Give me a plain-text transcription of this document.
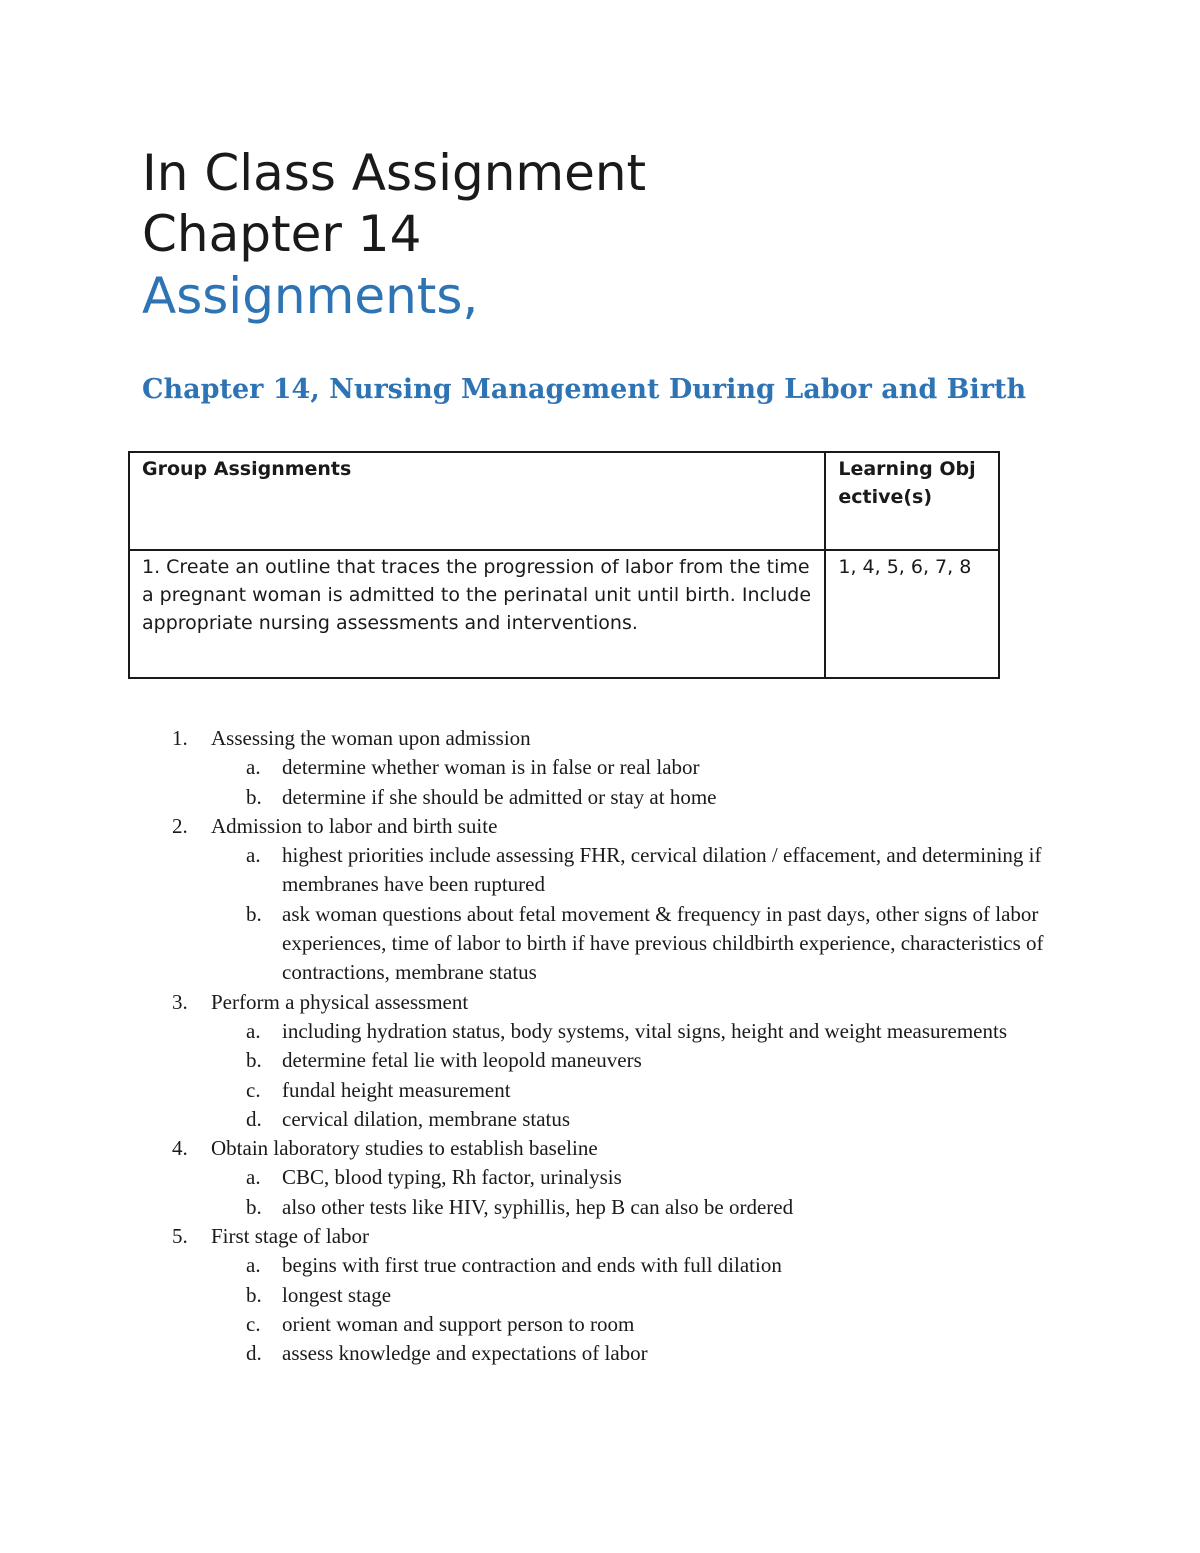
In Class Assignment
Chapter 14
Assignments,
Chapter 14, Nursing Management During Labor and Birth
Group Assignments	Learning Objective(s)
1. Create an outline that traces the progression of labor from the time a pregnant woman is admitted to the perinatal unit until birth. Include appropriate nursing assessments and interventions.	1, 4, 5, 6, 7, 8
1. Assessing the woman upon admission
a. determine whether woman is in false or real labor
b. determine if she should be admitted or stay at home
2. Admission to labor and birth suite
a. highest priorities include assessing FHR, cervical dilation / effacement, and determining if membranes have been ruptured
b. ask woman questions about fetal movement & frequency in past days, other signs of labor experiences, time of labor to birth if have previous childbirth experience, characteristics of contractions, membrane status
3. Perform a physical assessment
a. including hydration status, body systems, vital signs, height and weight measurements
b. determine fetal lie with leopold maneuvers
c. fundal height measurement
d. cervical dilation, membrane status
4. Obtain laboratory studies to establish baseline
a. CBC, blood typing, Rh factor, urinalysis
b. also other tests like HIV, syphillis, hep B can also be ordered
5. First stage of labor
a. begins with first true contraction and ends with full dilation
b. longest stage
c. orient woman and support person to room
d. assess knowledge and expectations of labor
